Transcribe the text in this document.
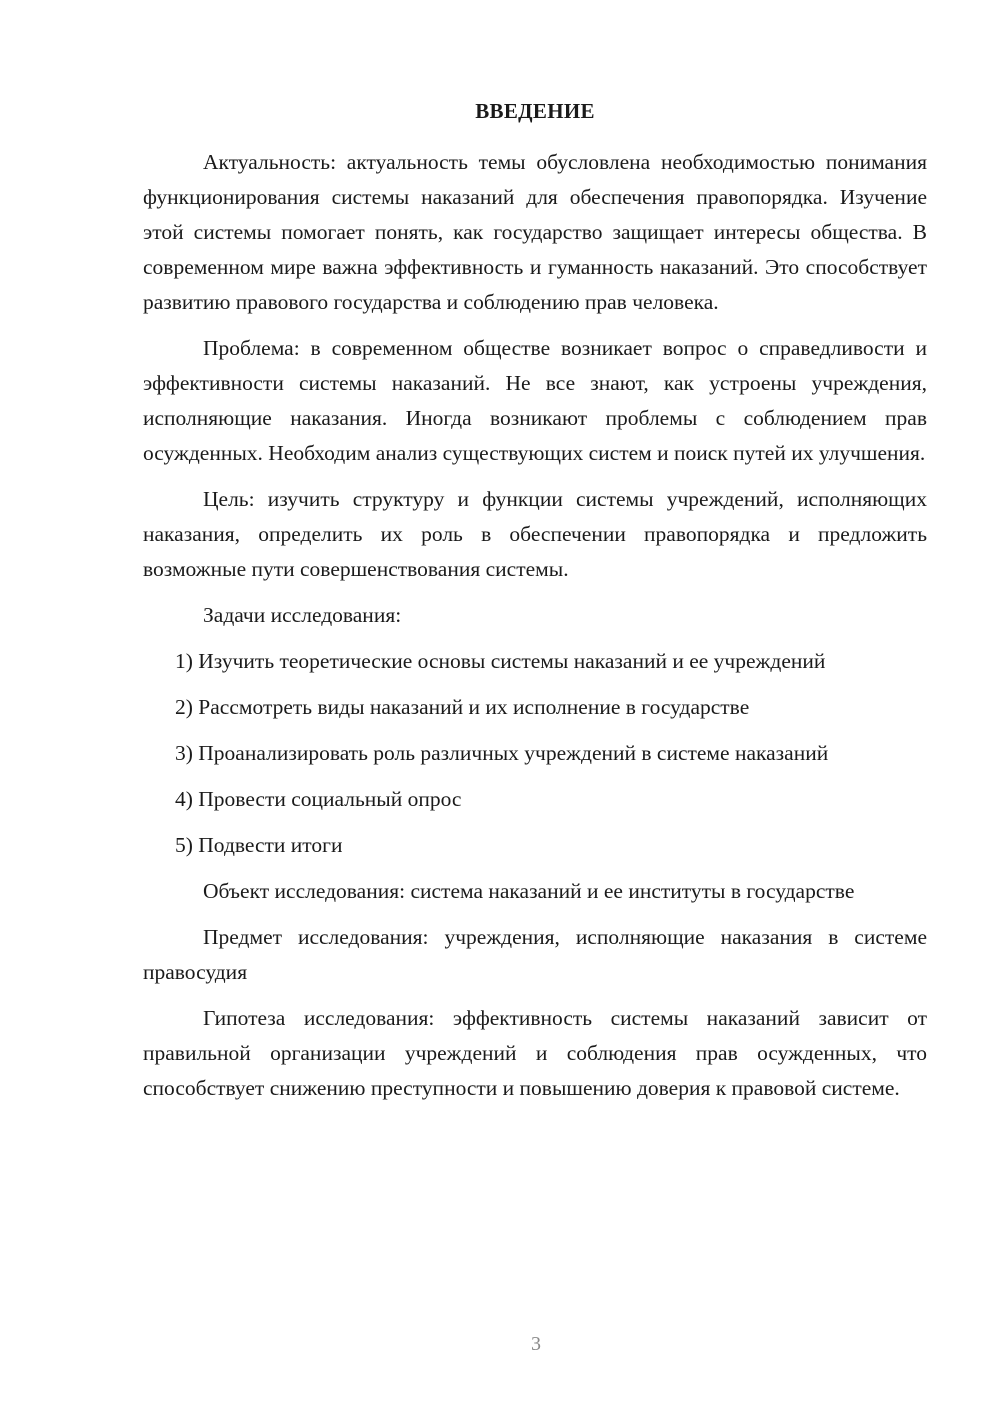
ВВЕДЕНИЕ

Актуальность: актуальность темы обусловлена необходимостью понимания функционирования системы наказаний для обеспечения правопорядка. Изучение этой системы помогает понять, как государство защищает интересы общества. В современном мире важна эффективность и гуманность наказаний. Это способствует развитию правового государства и соблюдению прав человека.

Проблема: в современном обществе возникает вопрос о справедливости и эффективности системы наказаний. Не все знают, как устроены учреждения, исполняющие наказания. Иногда возникают проблемы с соблюдением прав осужденных. Необходим анализ существующих систем и поиск путей их улучшения.

Цель: изучить структуру и функции системы учреждений, исполняющих наказания, определить их роль в обеспечении правопорядка и предложить возможные пути совершенствования системы.

Задачи исследования:

1) Изучить теоретические основы системы наказаний и ее учреждений

2) Рассмотреть виды наказаний и их исполнение в государстве

3) Проанализировать роль различных учреждений в системе наказаний

4) Провести социальный опрос

5) Подвести итоги

Объект исследования: система наказаний и ее институты в государстве

Предмет исследования: учреждения, исполняющие наказания в системе правосудия

Гипотеза исследования: эффективность системы наказаний зависит от правильной организации учреждений и соблюдения прав осужденных, что способствует снижению преступности и повышению доверия к правовой системе.

3
